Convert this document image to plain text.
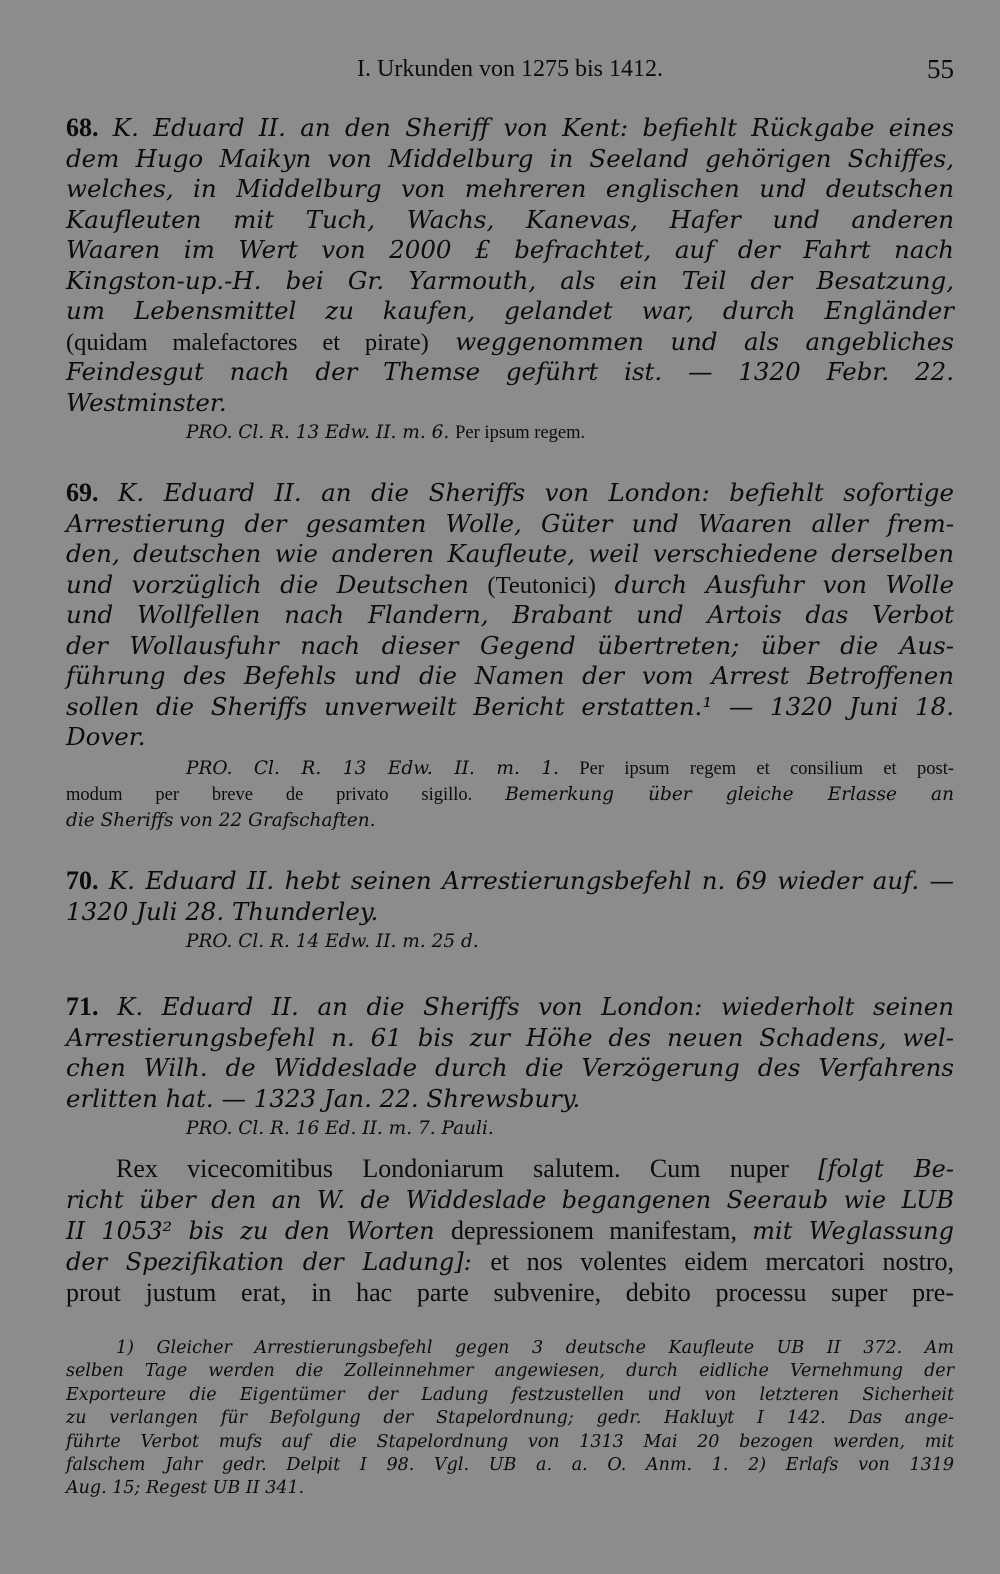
I. Urkunden von 1275 bis 1412.	55
68. K. Eduard II. an den Sheriff von Kent: befiehlt Rückgabe eines
dem Hugo Maikyn von Middelburg in Seeland gehörigen Schiffes,
welches, in Middelburg von mehreren englischen und deutschen
Kaufleuten mit Tuch, Wachs, Kanevas, Hafer und anderen
Waaren im Wert von 2000 £ befrachtet, auf der Fahrt nach
Kingston-up.-H. bei Gr. Yarmouth, als ein Teil der Besatzung,
um Lebensmittel zu kaufen, gelandet war, durch Engländer
(quidam malefactores et pirate) weggenommen und als angebliches
Feindesgut nach der Themse geführt ist. — 1320 Febr. 22.
Westminster.
PRO. Cl. R. 13 Edw. II. m. 6. Per ipsum regem.
69. K. Eduard II. an die Sheriffs von London: befiehlt sofortige
Arrestierung der gesamten Wolle, Güter und Waaren aller frem-
den, deutschen wie anderen Kaufleute, weil verschiedene derselben
und vorzüglich die Deutschen (Teutonici) durch Ausfuhr von Wolle
und Wollfellen nach Flandern, Brabant und Artois das Verbot
der Wollausfuhr nach dieser Gegend übertreten; über die Aus-
führung des Befehls und die Namen der vom Arrest Betroffenen
sollen die Sheriffs unverweilt Bericht erstatten.¹ — 1320 Juni 18.
Dover.
PRO. Cl. R. 13 Edw. II. m. 1. Per ipsum regem et consilium et post-
modum per breve de privato sigillo. Bemerkung über gleiche Erlasse an
die Sheriffs von 22 Grafschaften.
70. K. Eduard II. hebt seinen Arrestierungsbefehl n. 69 wieder auf. —
1320 Juli 28. Thunderley.
PRO. Cl. R. 14 Edw. II. m. 25 d.
71. K. Eduard II. an die Sheriffs von London: wiederholt seinen
Arrestierungsbefehl n. 61 bis zur Höhe des neuen Schadens, wel-
chen Wilh. de Widdeslade durch die Verzögerung des Verfahrens
erlitten hat. — 1323 Jan. 22. Shrewsbury.
PRO. Cl. R. 16 Ed. II. m. 7. Pauli.
Rex vicecomitibus Londoniarum salutem. Cum nuper [folgt Be-
richt über den an W. de Widdeslade begangenen Seeraub wie LUB
II 1053² bis zu den Worten depressionem manifestam, mit Weglassung
der Spezifikation der Ladung]: et nos volentes eidem mercatori nostro,
prout justum erat, in hac parte subvenire, debito processu super pre-
1) Gleicher Arrestierungsbefehl gegen 3 deutsche Kaufleute UB II 372. Am
selben Tage werden die Zolleinnehmer angewiesen, durch eidliche Vernehmung der
Exporteure die Eigentümer der Ladung festzustellen und von letzteren Sicherheit
zu verlangen für Befolgung der Stapelordnung; gedr. Hakluyt I 142. Das ange-
führte Verbot mufs auf die Stapelordnung von 1313 Mai 20 bezogen werden, mit
falschem Jahr gedr. Delpit I 98. Vgl. UB a. a. O. Anm. 1. 2) Erlafs von 1319
Aug. 15; Regest UB II 341.
